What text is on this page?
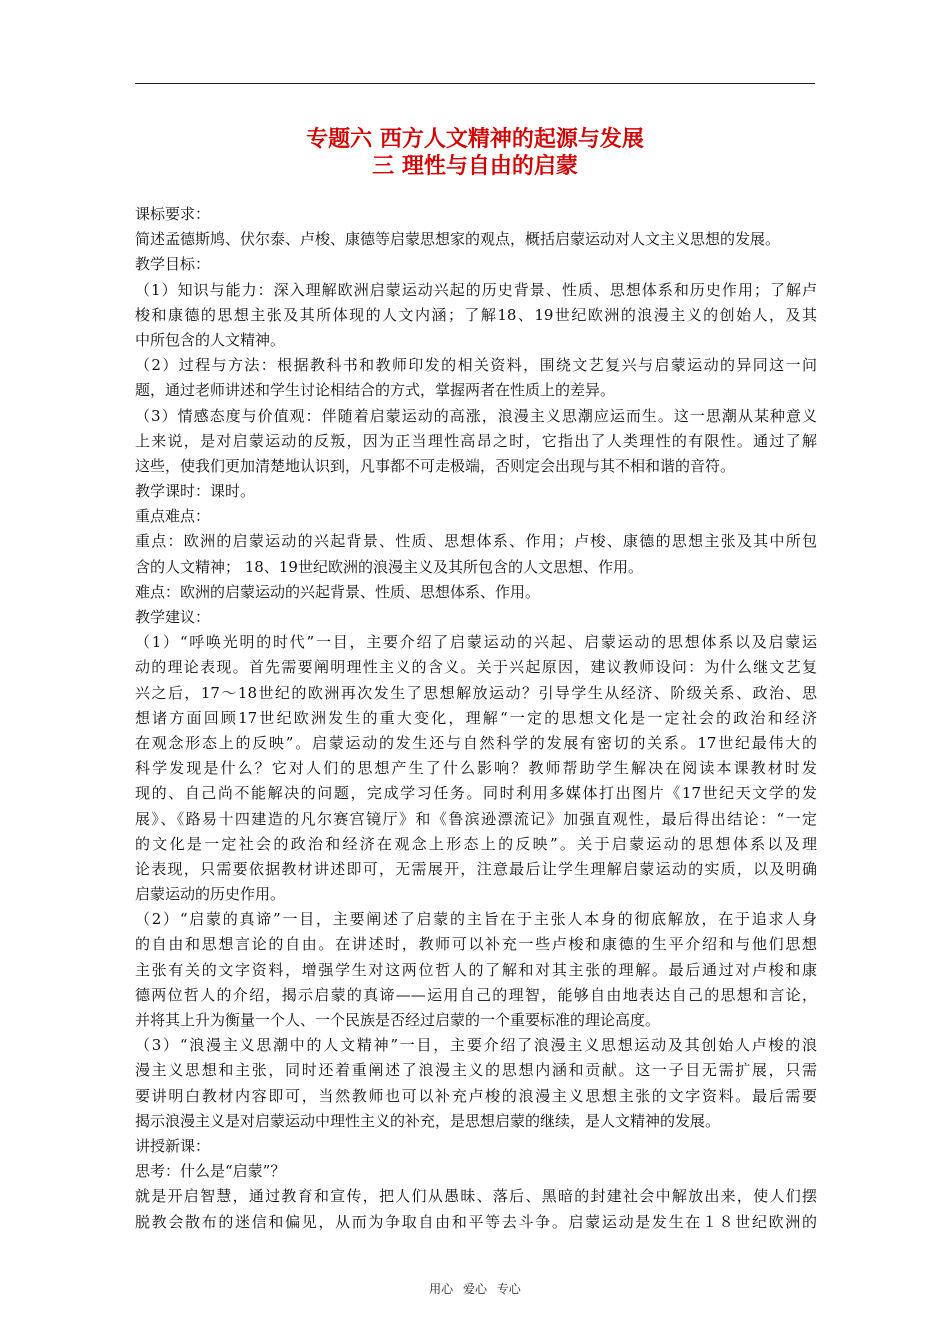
专题六 西方人文精神的起源与发展
三 理性与自由的启蒙
课标要求：
简述孟德斯鸠、伏尔泰、卢梭、康德等启蒙思想家的观点，概括启蒙运动对人文主义思想的发展。
教学目标：
（1）知识与能力：深入理解欧洲启蒙运动兴起的历史背景、性质、思想体系和历史作用；了解卢
梭和康德的思想主张及其所体现的人文内涵；了解18、19世纪欧洲的浪漫主义的创始人，及其
中所包含的人文精神。
（2）过程与方法：根据教科书和教师印发的相关资料，围绕文艺复兴与启蒙运动的异同这一问
题，通过老师讲述和学生讨论相结合的方式，掌握两者在性质上的差异。
（3）情感态度与价值观：伴随着启蒙运动的高涨，浪漫主义思潮应运而生。这一思潮从某种意义
上来说，是对启蒙运动的反叛，因为正当理性高昂之时，它指出了人类理性的有限性。通过了解
这些，使我们更加清楚地认识到，凡事都不可走极端，否则定会出现与其不相和谐的音符。
教学课时：课时。
重点难点：
重点：欧洲的启蒙运动的兴起背景、性质、思想体系、作用；卢梭、康德的思想主张及其中所包
含的人文精神； 18、19世纪欧洲的浪漫主义及其所包含的人文思想、作用。
难点：欧洲的启蒙运动的兴起背景、性质、思想体系、作用。
教学建议：
（1）“呼唤光明的时代”一目，主要介绍了启蒙运动的兴起、启蒙运动的思想体系以及启蒙运
动的理论表现。首先需要阐明理性主义的含义。关于兴起原因，建议教师设问：为什么继文艺复
兴之后，17～18世纪的欧洲再次发生了思想解放运动？引导学生从经济、阶级关系、政治、思
想诸方面回顾17世纪欧洲发生的重大变化，理解“一定的思想文化是一定社会的政治和经济
在观念形态上的反映”。启蒙运动的发生还与自然科学的发展有密切的关系。17世纪最伟大的
科学发现是什么？它对人们的思想产生了什么影响？教师帮助学生解决在阅读本课教材时发
现的、自己尚不能解决的问题，完成学习任务。同时利用多媒体打出图片《17世纪天文学的发
展》、《路易十四建造的凡尔赛宫镜厅》和《鲁滨逊漂流记》加强直观性，最后得出结论：“一定
的文化是一定社会的政治和经济在观念上形态上的反映”。关于启蒙运动的思想体系以及理
论表现，只需要依据教材讲述即可，无需展开，注意最后让学生理解启蒙运动的实质，以及明确
启蒙运动的历史作用。
（2）“启蒙的真谛”一目，主要阐述了启蒙的主旨在于主张人本身的彻底解放，在于追求人身
的自由和思想言论的自由。在讲述时，教师可以补充一些卢梭和康德的生平介绍和与他们思想
主张有关的文字资料，增强学生对这两位哲人的了解和对其主张的理解。最后通过对卢梭和康
德两位哲人的介绍，揭示启蒙的真谛——运用自己的理智，能够自由地表达自己的思想和言论，
并将其上升为衡量一个人、一个民族是否经过启蒙的一个重要标准的理论高度。
（3）“浪漫主义思潮中的人文精神”一目，主要介绍了浪漫主义思想运动及其创始人卢梭的浪
漫主义思想和主张，同时还着重阐述了浪漫主义的思想内涵和贡献。这一子目无需扩展，只需
要讲明白教材内容即可，当然教师也可以补充卢梭的浪漫主义思想主张的文字资料。最后需要
揭示浪漫主义是对启蒙运动中理性主义的补充，是思想启蒙的继续，是人文精神的发展。
讲授新课：
思考：什么是“启蒙”？
就是开启智慧，通过教育和宣传，把人们从愚昧、落后、黑暗的封建社会中解放出来，使人们摆
脱教会散布的迷信和偏见，从而为争取自由和平等去斗争。启蒙运动是发生在１８世纪欧洲的
用心 爱心 专心
